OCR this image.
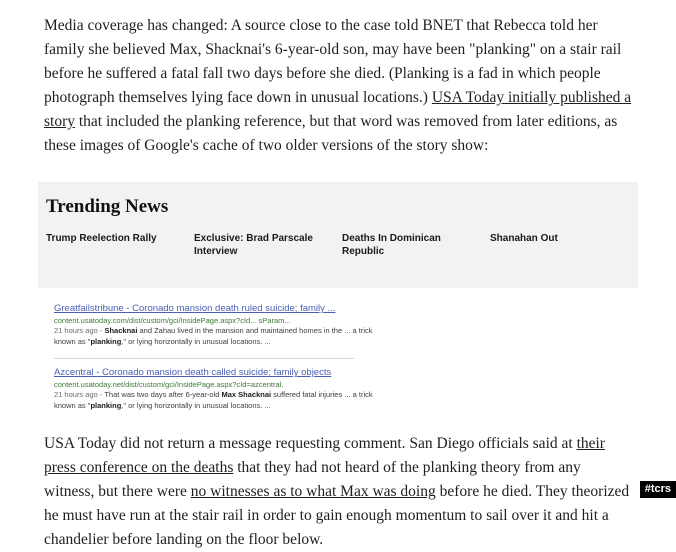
Media coverage has changed: A source close to the case told BNET that Rebecca told her family she believed Max, Shacknai's 6-year-old son, may have been "planking" on a stair rail before he suffered a fatal fall two days before she died. (Planking is a fad in which people photograph themselves lying face down in unusual locations.) USA Today initially published a story that included the planking reference, but that word was removed from later editions, as these images of Google's cache of two older versions of the story show:
Trending News
Trump Reelection Rally	Exclusive: Brad Parscale Interview
Deaths In Dominican Republic
Shanahan Out
Greatfailstribune - Coronado mansion death ruled suicide; family ...
content.usatoday.com/dist/custom/gci/InsidePage.aspx?cId... sParam...
21 hours ago - Shacknai and Zahau lived in the mansion and maintained homes in the ... a trick known as "planking," or lying horizontally in unusual locations. ...
Azcentral - Coronado mansion death called suicide; family objects
content.usatoday.net/dist/custom/gci/InsidePage.aspx?cId=azcentral.
21 hours ago - That was two days after 6-year-old Max Shacknai suffered fatal injuries ... a trick known as "planking," or lying horizontally in unusual locations. ...
USA Today did not return a message requesting comment. San Diego officials said at their press conference on the deaths that they had not heard of the planking theory from any witness, but there were no witnesses as to what Max was doing before he died. They theorized he must have run at the stair rail in order to gain enough momentum to sail over it and hit a chandelier before landing on the floor below.
#tcrs
